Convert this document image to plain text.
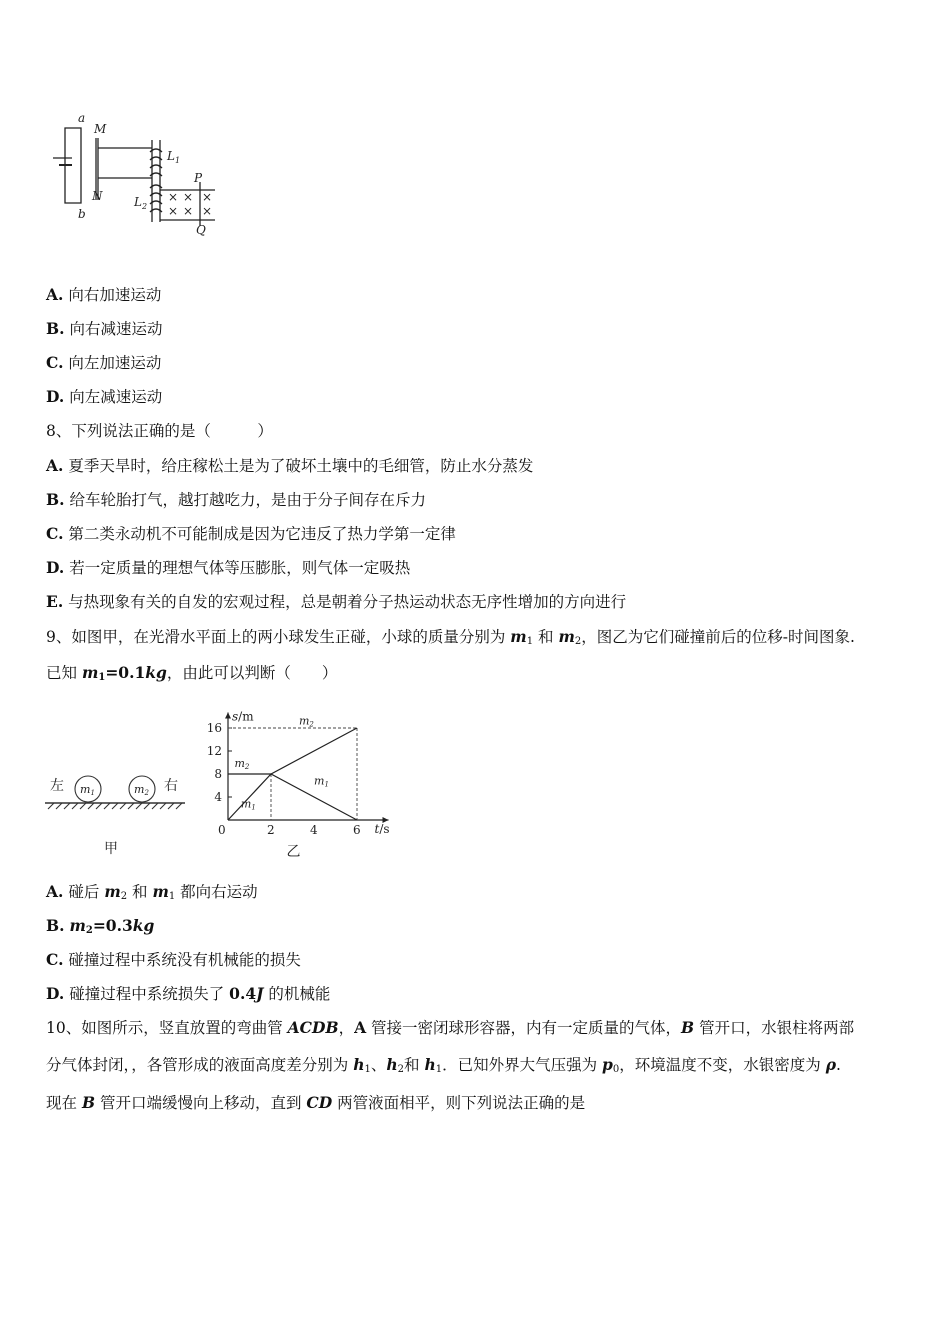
a
b
M
N
$L_1$
$L_2$
P
Q
× × ×
× × ×
A. 向右加速运动
B. 向右减速运动
C. 向左加速运动
D. 向左减速运动
8、下列说法正确的是（　　　）
A. 夏季天旱时，给庄稼松土是为了破坏土壤中的毛细管，防止水分蒸发
B. 给车轮胎打气，越打越吃力，是由于分子间存在斥力
C. 第二类永动机不可能制成是因为它违反了热力学第一定律
D. 若一定质量的理想气体等压膨胀，则气体一定吸热
E. 与热现象有关的自发的宏观过程，总是朝着分子热运动状态无序性增加的方向进行
9、如图甲，在光滑水平面上的两小球发生正碰，小球的质量分别为 $m_1$ 和 $m_2$，图乙为它们碰撞前后的位移-时间图象.
已知 $m_1=0.1kg$，由此可以判断（　　）
左	右
m1	m2
甲
0	2	4	6
4
8
12
16
s/m
t/s
m1
m1
m2
m2
乙
A. 碰后 $m_2$ 和 $m_1$ 都向右运动
B. $m_2=0.3kg$
C. 碰撞过程中系统没有机械能的损失
D. 碰撞过程中系统损失了 0.4J 的机械能
10、如图所示，竖直放置的弯曲管 ACDB，A 管接一密闭球形容器，内有一定质量的气体，B 管开口，水银柱将两部
分气体封闭，，各管形成的液面高度差分别为 $h_1$、$h_2$和 $h_1$．已知外界大气压强为 $p_0$，环境温度不变，水银密度为 ρ.
现在 B 管开口端缓慢向上移动，直到 CD 两管液面相平，则下列说法正确的是
